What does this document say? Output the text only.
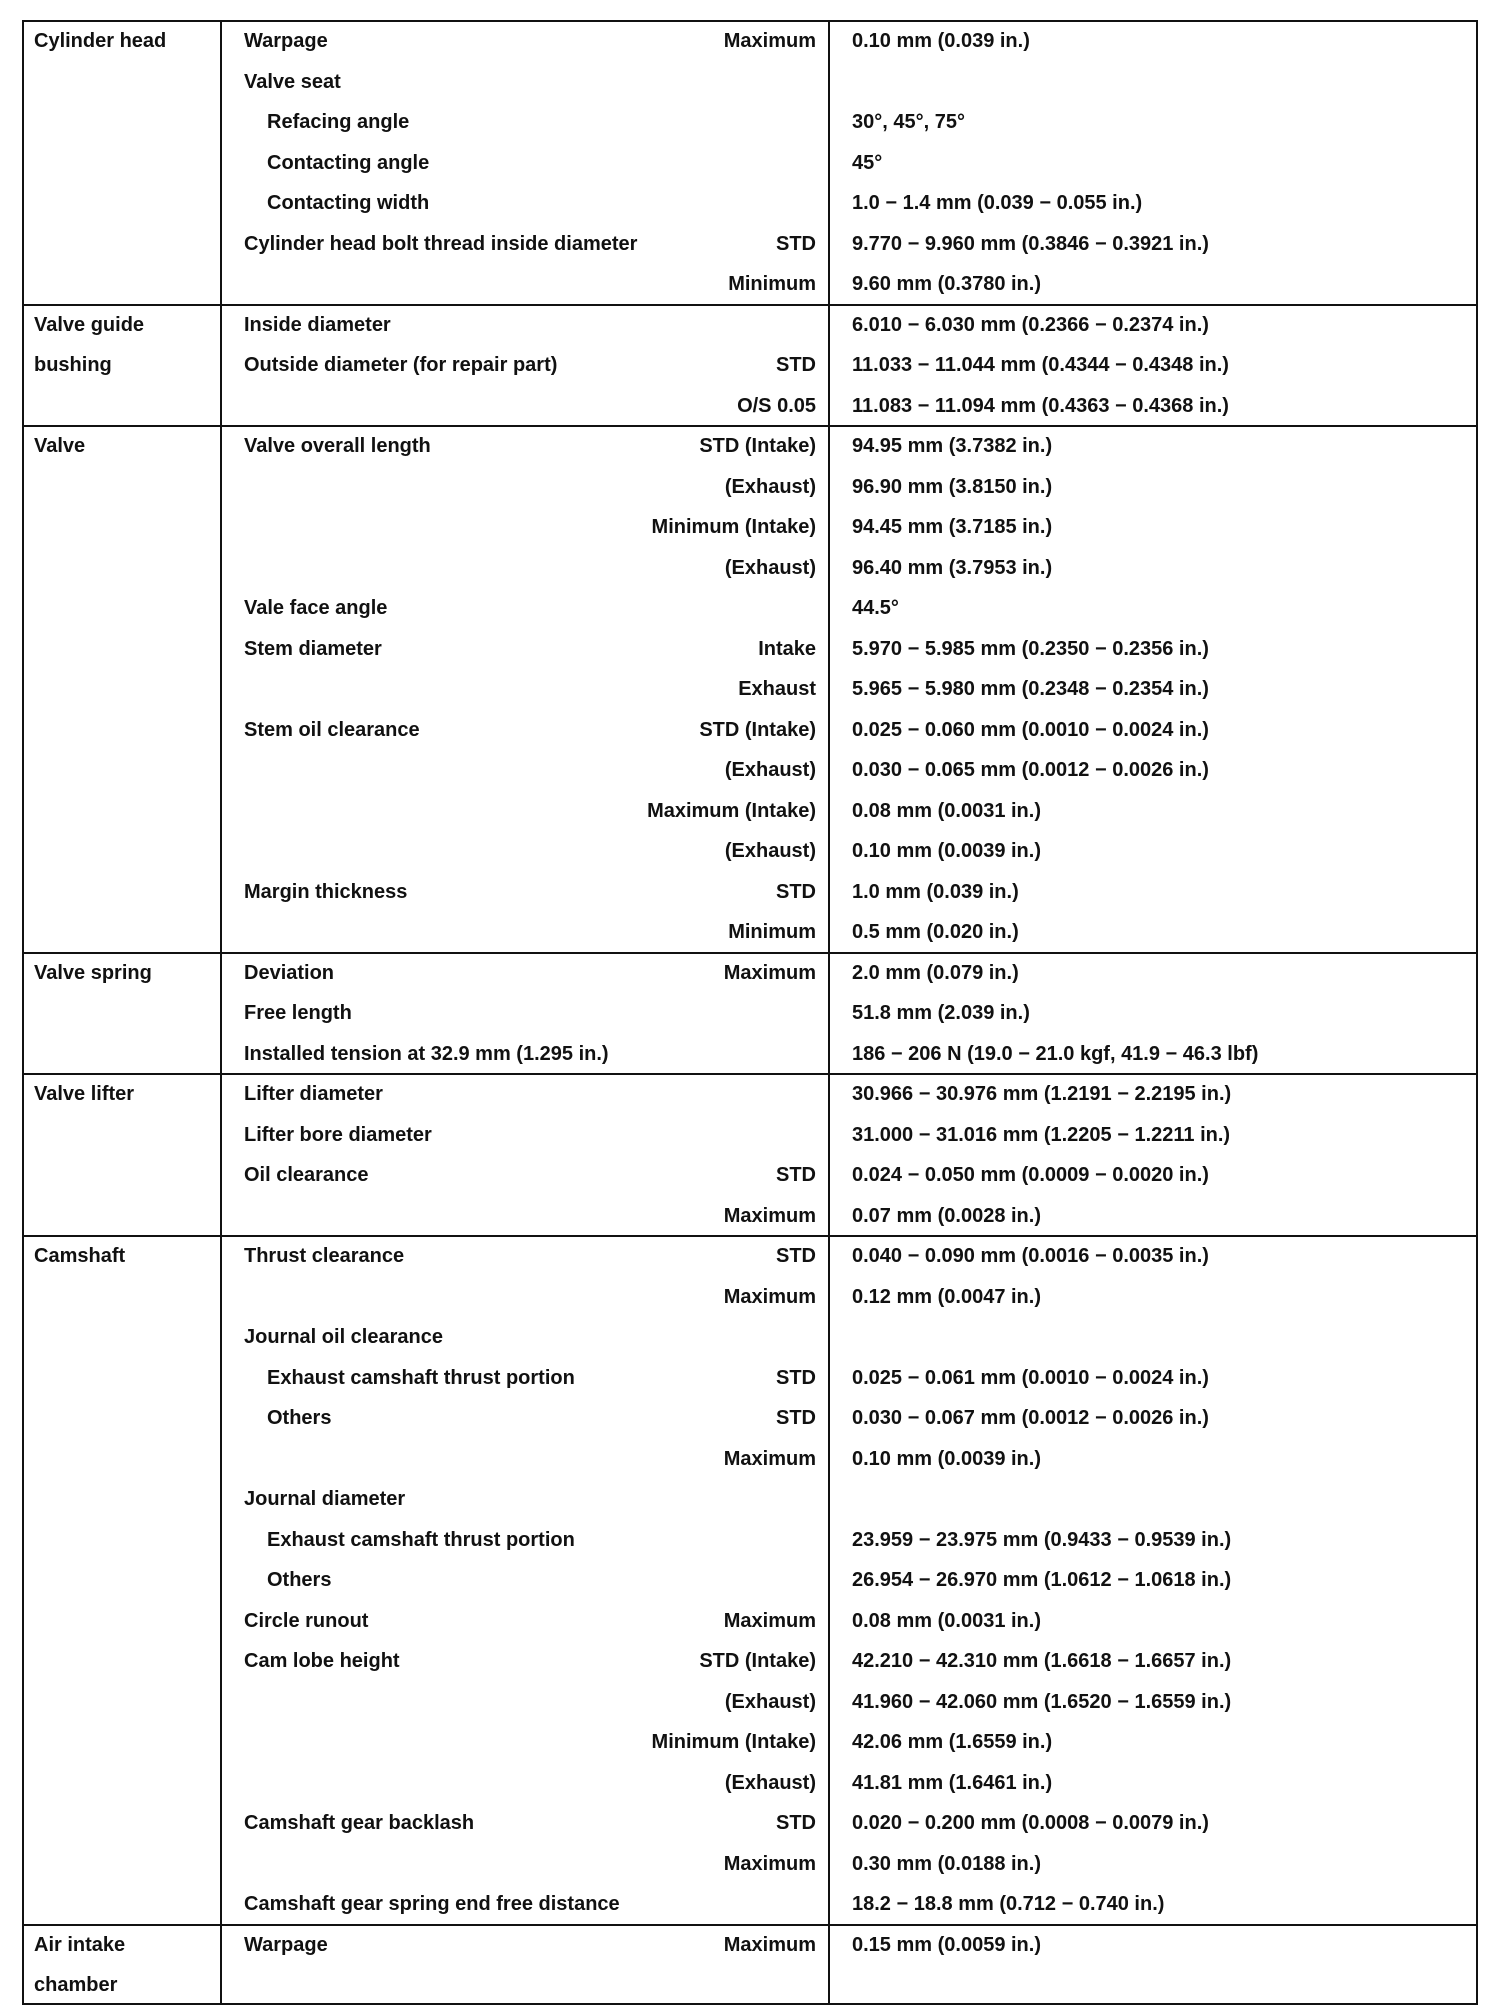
Cylinder head	Warpage	Maximum 0.10 mm (0.039 in.)
Valve seat
Refacing angle	30°, 45°, 75°
Contacting angle	45°
Contacting width	1.0 − 1.4 mm (0.039 − 0.055 in.)
Cylinder head bolt thread inside diameter	STD 9.770 − 9.960 mm (0.3846 − 0.3921 in.)
Minimum 9.60 mm (0.3780 in.)
Valve guide
bushing
Inside diameter	6.010 − 6.030 mm (0.2366 − 0.2374 in.)
Outside diameter (for repair part)	STD 11.033 − 11.044 mm (0.4344 − 0.4348 in.)
O/S 0.05 11.083 − 11.094 mm (0.4363 − 0.4368 in.)
Valve	Valve overall length	STD (Intake) 94.95 mm (3.7382 in.)
(Exhaust) 96.90 mm (3.8150 in.)
Minimum (Intake) 94.45 mm (3.7185 in.)
(Exhaust) 96.40 mm (3.7953 in.)
Vale face angle	44.5°
Stem diameter	Intake 5.970 − 5.985 mm (0.2350 − 0.2356 in.)
Exhaust 5.965 − 5.980 mm (0.2348 − 0.2354 in.)
Stem oil clearance	STD (Intake) 0.025 − 0.060 mm (0.0010 − 0.0024 in.)
(Exhaust) 0.030 − 0.065 mm (0.0012 − 0.0026 in.)
Maximum (Intake) 0.08 mm (0.0031 in.)
(Exhaust) 0.10 mm (0.0039 in.)
Margin thickness	STD 1.0 mm (0.039 in.)
Minimum 0.5 mm (0.020 in.)
Valve spring	Deviation	Maximum 2.0 mm (0.079 in.)
Free length	51.8 mm (2.039 in.)
Installed tension at 32.9 mm (1.295 in.)	186 − 206 N (19.0 − 21.0 kgf, 41.9 − 46.3 lbf)
Valve lifter	Lifter diameter	30.966 − 30.976 mm (1.2191 − 2.2195 in.)
Lifter bore diameter	31.000 − 31.016 mm (1.2205 − 1.2211 in.)
Oil clearance	STD 0.024 − 0.050 mm (0.0009 − 0.0020 in.)
Maximum 0.07 mm (0.0028 in.)
Camshaft	Thrust clearance	STD 0.040 − 0.090 mm (0.0016 − 0.0035 in.)
Maximum 0.12 mm (0.0047 in.)
Journal oil clearance
Exhaust camshaft thrust portion	STD 0.025 − 0.061 mm (0.0010 − 0.0024 in.)
Others	STD 0.030 − 0.067 mm (0.0012 − 0.0026 in.)
Maximum 0.10 mm (0.0039 in.)
Journal diameter
Exhaust camshaft thrust portion	23.959 − 23.975 mm (0.9433 − 0.9539 in.)
Others	26.954 − 26.970 mm (1.0612 − 1.0618 in.)
Circle runout	Maximum 0.08 mm (0.0031 in.)
Cam lobe height	STD (Intake) 42.210 − 42.310 mm (1.6618 − 1.6657 in.)
(Exhaust) 41.960 − 42.060 mm (1.6520 − 1.6559 in.)
Minimum (Intake) 42.06 mm (1.6559 in.)
(Exhaust) 41.81 mm (1.6461 in.)
Camshaft gear backlash	STD 0.020 − 0.200 mm (0.0008 − 0.0079 in.)
Maximum 0.30 mm (0.0188 in.)
Camshaft gear spring end free distance	18.2 − 18.8 mm (0.712 − 0.740 in.)
Air intake
chamber
Warpage	Maximum 0.15 mm (0.0059 in.)
